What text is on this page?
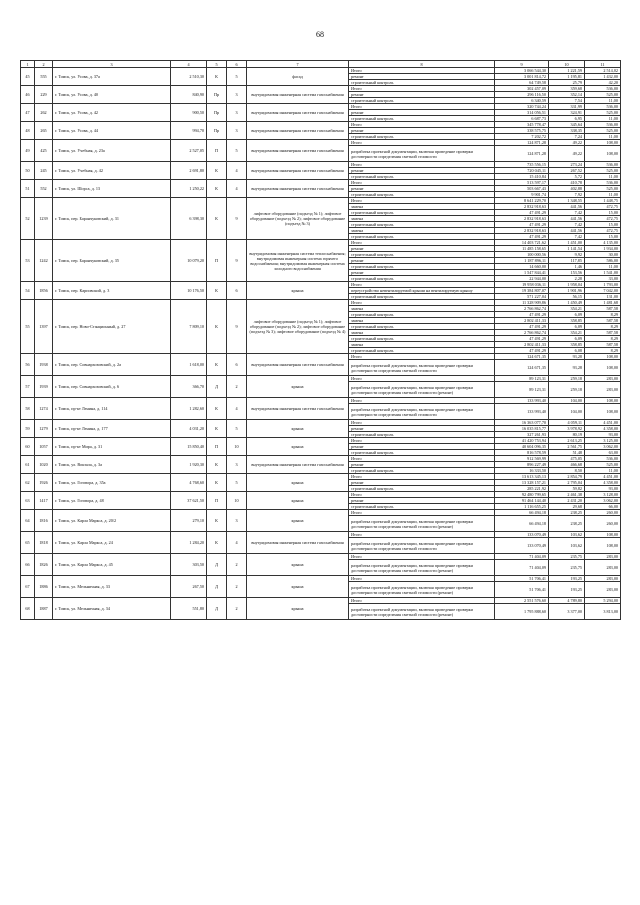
68
1	2	3	4	5	6	7	8	9	10	11
45	555	г. Томск, ул. Усова, д. 37а	2 510,30	К	5	фасад	Итого	3 066 544,30	1 221,59	2 514,02
							ремонт	3 001 814,72	1 195,81	1 432,00
							строительный контроль	64 749,58	25,79	42,20
46	229	г. Томск, ул. Усова, д. 40	840,90	Пр	3	внутридомовая инженерная система газоснабжения	Итого	302 457,09	359,68	536,00
							ремонт	296 116,50	352,14	525,00
							строительный контроль	6 340,59	7,54	11,00
47	262	г. Томск, ул. Усова, д. 42	900,50	Пр	3	внутридомовая инженерная система газоснабжения	Итого	320 744,24	331,99	536,00
							ремонт	314 056,51	324,91	525,00
							строительный контроль	6 687,73	6,95	11,00
48	265	г. Томск, ул. Усова, д. 44	994,70	Пр	3	внутридомовая инженерная система газоснабжения	Итого	345 778,47	345,64	536,00
							ремонт	338 575,75	338,35	525,00
							строительный контроль	7 202,72	7,24	11,00
49	425	г. Томск, ул. Учебная, д. 23а	2 527,05	П	5	внутридомовая инженерная система газоснабжения	Итого	124 871,28	49,22	108,00
							разработка проектной документации, включая проведение проверки достоверности определения сметной стоимости	124 871,28	49,22	108,00
50	245	г. Томск, ул. Учебная, д. 42	2 691,80	К	4	внутридомовая инженерная система газоснабжения	Итого	735 556,15	273,24	536,00
							ремонт	720 045,11	267,52	525,00
							строительный контроль	15 410,84	5,72	11,00
51	552	г. Томск, ул. Шорса, д. 13	1 250,22	К	4	внутридомовая инженерная система газоснабжения	Итого	513 597,17	410,78	536,00
							ремонт	503 667,43	402,88	525,00
							строительный контроль	9 901,74	7,92	11,00
52	1239	г. Томск, пер. Баранчуковский, д. 31	6 398,30	К	9	лифтовое оборудование (подъезд № 1); лифтовое оборудование (подъезд № 2); лифтовое оборудование (подъезд № 3)	Итого	8 641 229,70	1 348,55	1 448,75
							замена	2 832 918,63	441,56	472,75
							строительный контроль	47 491,29	7,42	15,00
							замена	2 832 918,63	441,56	472,75
							строительный контроль	47 491,29	7,42	15,00
							замена	2 832 918,63	441,56	472,75
							строительный контроль	47 491,29	7,42	15,00
53	1242	г. Томск, пер. Баранчуковский, д. 35	10 079,20	П	9	внутридомовая инженерная система теплоснабжения; внутридомовая инженерная система горячего водоснабжения; внутридомовая инженерная система холодного водоснабжения	Итого	14 403 721,62	1 451,00	4 135,00
							ремонт	11 485 158,65	1 141,54	1 934,00
							строительный контроль	100 000,56	9,92	30,00
							ремонт	1 187 896,11	117,85	586,00
							строительный контроль	14 660,00	1,46	11,00
							ремонт	1 547 844,41	153,56	1 541,00
							строительный контроль	22 944,00	2,28	33,00
54	1856	г. Томск, пер. Карповский, д. 3	10 176,50	К	6	крыша	Итого	19 958 036,11	1 958,04	1 793,00
							переустройство невентилируемой крыши на вентилируемую крышу	19 384 807,07	1 901,96	7 042,00
							строительный контроль	571 227,04	56,15	131,00
55	1397	г. Томск, пер. Ново-Станционный, д. 27	7 809,10	К	9	лифтовое оборудование (подъезд № 1); лифтовое оборудование (подъезд № 2); лифтовое оборудование (подъезд № 3); лифтовое оборудование (подъезд № 4)	Итого	11 328 909,86	1 450,49	1 481,68
							замена	2 766 862,74	354,21	587,58
							строительный контроль	47 491,29	6,09	8,29
							замена	2 802 411,33	358,85	587,58
							строительный контроль	47 491,29	6,09	8,29
							замена	2 766 862,74	354,21	587,58
							строительный контроль	47 491,29	6,09	8,29
							замена	2 802 411,33	358,85	587,58
							строительный контроль	47 491,29	6,08	8,29
56	1938	г. Томск, пер. Совнархозовский, д. 2а	1 618,00	К	6	внутридомовая инженерная система газоснабжения	Итого	124 671,35	93,28	108,00
							разработка проектной документации, включая проведение проверки достоверности определения сметной стоимости	124 671,35	93,28	108,00
57	1939	г. Томск, пер. Совнархозовский, д. 6	366,70	Д	2	крыша	Итого	89 123,31	259,18	283,00
							разработка проектной документации, включая проведение проверки достоверности определения сметной стоимости (ремонт)	89 123,31	259,18	283,00
58	1274	г. Томск, пр-кт Ленина, д. 114	1 282,60	К	4	внутридомовая инженерная система газоснабжения	Итого	133 993,40	104,00	108,00
							разработка проектной документации, включая проведение проверки достоверности определения сметной стоимости	133 993,40	104,00	108,00
59	1279	г. Томск, пр-кт Ленина, д. 177	4 031,20	К	5	крыша	Итого	16 363 077,70	4 059,11	4 451,00
							ремонт	16 035 815,77	3 978,92	4 358,00
							строительный контроль	327 261,93	80,19	93,00
60	1057	г. Томск, пр-кт Мира, д. 31	15 850,40	П	10	крыша	Итого	41 420 753,94	2 613,25	3 125,00
							ремонт	40 604 096,35	2 561,75	3 062,00
							строительный контроль	816 578,59	51,48	63,00
61	1020	г. Томск, ул. Вокзала, д. 3а	1 920,30	К	3	внутридомовая инженерная система газоснабжения	Итого	912 569,99	475,05	536,00
							ремонт	896 227,49	466,68	525,00
							строительный контроль	16 333,50	8,50	11,00
62	1926	г. Томск, ул. Гоговора, д. 35а	4 768,60	К	5	крыша	Итого	13 613 345,13	2 854,79	4 451,00
							ремонт	13 328 157,21	2 795,04	4 358,00
							строительный контроль	285 221,92	59,82	93,00
63	1417	г. Томск, ул. Гоговора, д. 48	37 621,50	П	10	крыша	Итого	92 480 799,65	2 461,38	3 128,00
							ремонт	91 464 144,40	2 431,20	3 062,00
							строительный контроль	1 116 655,25	29,68	66,00
64	1816	г. Томск, ул. Карла Маркса, д. 20/2	279,10	К	3	крыша	Итого	66 494,18	238,25	260,00
							разработка проектной документации, включая проведение проверки достоверности определения сметной стоимости (ремонт)	66 494,18	238,25	260,00
65	1818	г. Томск, ул. Карла Маркса, д. 24	1 284,20	К	4	внутридомовая инженерная система газоснабжения	Итого	133 070,49	103,62	108,00
							разработка проектной документации, включая проведение проверки достоверности определения сметной стоимости	133 070,49	103,62	108,00
66	1826	г. Томск, ул. Карла Маркса, д. 45	303,50	Д	2	крыша	Итого	71 404,09	235,75	283,00
							разработка проектной документации, включая проведение проверки достоверности определения сметной стоимости (ремонт)	71 404,09	235,75	283,00
67	1886	г. Томск, ул. Мельничная, д. 33	267,50	Д	2	крыша	Итого	51 706,41	193,25	283,00
							разработка проектной документации, включая проведение проверки достоверности определения сметной стоимости (ремонт)	51 706,41	193,25	283,00
68	1887	г. Томск, ул. Мельничная, д. 34	551,80	Д	2	крыша	Итого	2 551 576,60	4 789,80	5 294,00
							разработка проектной документации, включая проведение проверки достоверности определения сметной стоимости (ремонт)	1 795 888,60	3 377,00	3 813,00
